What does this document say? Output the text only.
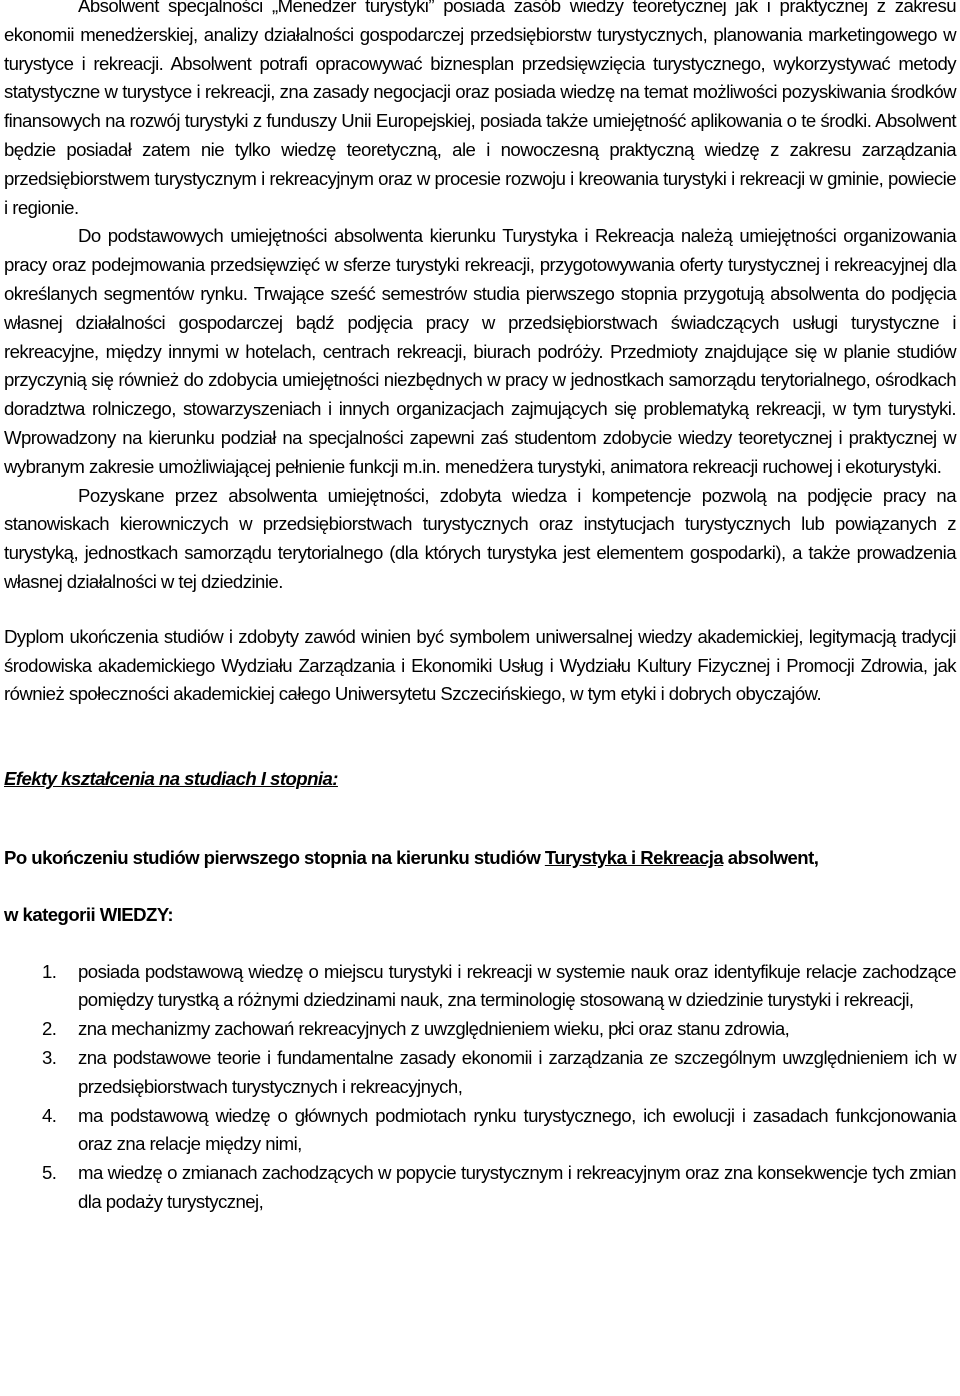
Absolwent specjalności „Menedżer turystyki” posiada zasób wiedzy teoretycznej jak i praktycznej z zakresu ekonomii menedżerskiej, analizy działalności gospodarczej przedsiębiorstw turystycznych, planowania marketingowego w turystyce i rekreacji. Absolwent potrafi opracowywać biznesplan przedsięwzięcia turystycznego, wykorzystywać metody statystyczne w turystyce i rekreacji, zna zasady negocjacji oraz posiada wiedzę na temat możliwości pozyskiwania środków finansowych na rozwój turystyki z funduszy Unii Europejskiej, posiada także umiejętność aplikowania o te środki. Absolwent będzie posiadał zatem nie tylko wiedzę teoretyczną, ale i nowoczesną praktyczną wiedzę z zakresu zarządzania przedsiębiorstwem turystycznym i rekreacyjnym oraz w procesie rozwoju i kreowania turystyki i rekreacji w gminie, powiecie i regionie.

Do podstawowych umiejętności absolwenta kierunku Turystyka i Rekreacja należą umiejętności organizowania pracy oraz podejmowania przedsięwzięć w sferze turystyki rekreacji, przygotowywania oferty turystycznej i rekreacyjnej dla określanych segmentów rynku. Trwające sześć semestrów studia pierwszego stopnia przygotują absolwenta do podjęcia własnej działalności gospodarczej bądź podjęcia pracy w przedsiębiorstwach świadczących usługi turystyczne i rekreacyjne, między innymi w hotelach, centrach rekreacji, biurach podróży. Przedmioty znajdujące się w planie studiów przyczynią się również do zdobycia umiejętności niezbędnych w pracy w jednostkach samorządu terytorialnego, ośrodkach doradztwa rolniczego, stowarzyszeniach i innych organizacjach zajmujących się problematyką rekreacji, w tym turystyki. Wprowadzony na kierunku podział na specjalności zapewni zaś studentom zdobycie wiedzy teoretycznej i praktycznej w wybranym zakresie umożliwiającej pełnienie funkcji m.in. menedżera turystyki, animatora rekreacji ruchowej i ekoturystyki.

Pozyskane przez absolwenta umiejętności, zdobyta wiedza i kompetencje pozwolą na podjęcie pracy na stanowiskach kierowniczych w przedsiębiorstwach turystycznych oraz instytucjach turystycznych lub powiązanych z turystyką, jednostkach samorządu terytorialnego (dla których turystyka jest elementem gospodarki), a także prowadzenia własnej działalności w tej dziedzinie.

Dyplom ukończenia studiów i zdobyty zawód winien być symbolem uniwersalnej wiedzy akademickiej, legitymacją tradycji środowiska akademickiego Wydziału Zarządzania i Ekonomiki Usług i Wydziału Kultury Fizycznej i Promocji Zdrowia, jak również społeczności akademickiej całego Uniwersytetu Szczecińskiego, w tym etyki i dobrych obyczajów.

Efekty kształcenia na studiach I stopnia:

Po ukończeniu studiów pierwszego stopnia na kierunku studiów Turystyka i Rekreacja absolwent,

w kategorii WIEDZY:

1. posiada podstawową wiedzę o miejscu turystyki i rekreacji w systemie nauk oraz identyfikuje relacje zachodzące pomiędzy turystką a różnymi dziedzinami nauk, zna terminologię stosowaną w dziedzinie turystyki i rekreacji,
2. zna mechanizmy zachowań rekreacyjnych z uwzględnieniem wieku, płci oraz stanu zdrowia,
3. zna podstawowe teorie i fundamentalne zasady ekonomii i zarządzania ze szczególnym uwzględnieniem ich w przedsiębiorstwach turystycznych i rekreacyjnych,
4. ma podstawową wiedzę o głównych podmiotach rynku turystycznego, ich ewolucji i zasadach funkcjonowania oraz zna relacje między nimi,
5. ma wiedzę o zmianach zachodzących w popycie turystycznym i rekreacyjnym oraz zna konsekwencje tych zmian dla podaży turystycznej,
